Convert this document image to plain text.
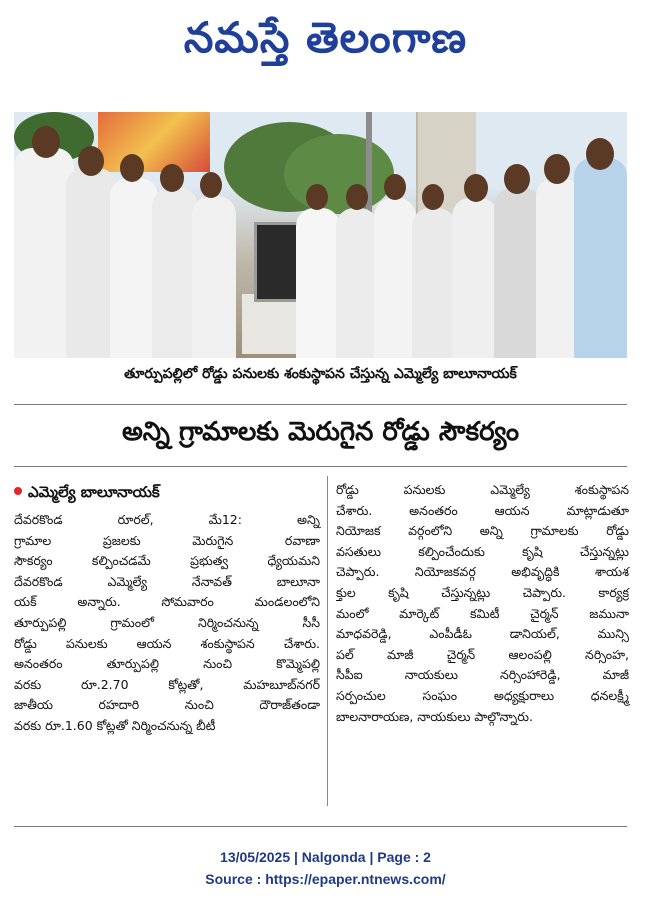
నమస్తే తెలంగాణ
తూర్పుపల్లిలో రోడ్డు పనులకు శంకుస్థాపన చేస్తున్న ఎమ్మెల్యే బాలూనాయక్
అన్ని గ్రామాలకు మెరుగైన రోడ్డు సౌకర్యం
ఎమ్మెల్యే బాలూనాయక్
దేవరకొండ రూరల్, మే12: అన్ని
గ్రామాల ప్రజలకు మెరుగైన రవాణా
సౌకర్యం కల్పించడమే ప్రభుత్వ ధ్యేయమని
దేవరకొండ ఎమ్మెల్యే నేనావత్ బాలూనా
యక్ అన్నారు. సోమవారం మండలంలోని
తూర్పుపల్లి గ్రామంలో నిర్మించనున్న సీసీ
రోడ్డు పనులకు ఆయన శంకుస్థాపన చేశారు.
అనంతరం తూర్పుపల్లి నుంచి కొమ్మెపల్లి
వరకు రూ.2.70 కోట్లతో, మహబూబ్‌నగర్
జాతీయ రహదారి నుంచి దౌరాజ్‌తండా
వరకు రూ.1.60 కోట్లతో నిర్మించనున్న బీటీ
రోడ్డు పనులకు ఎమ్మెల్యే శంకుస్థాపన
చేశారు. అనంతరం ఆయన మాట్లాడుతూ
నియోజక వర్గంలోని అన్ని గ్రామాలకు రోడ్డు
వసతులు కల్పించేందుకు కృషి చేస్తున్నట్లు
చెప్పారు. నియోజకవర్గ అభివృద్ధికి శాయశ
క్తుల కృషి చేస్తున్నట్లు చెప్పారు. కార్యక్ర
మంలో మార్కెట్ కమిటీ చైర్మన్ జమునా
మాధవరెడ్డి, ఎంపీడీఓ డానియల్, మున్సి
పల్ మాజీ చైర్మన్ ఆలంపల్లి నర్సింహ,
సీపీఐ నాయకులు నర్సింహారెడ్డి, మాజీ
సర్పంచుల సంఘం అధ్యక్షురాలు ధనలక్ష్మీ
బాలనారాయణ, నాయకులు పాల్గొన్నారు.
13/05/2025 | Nalgonda | Page : 2
Source : https://epaper.ntnews.com/
